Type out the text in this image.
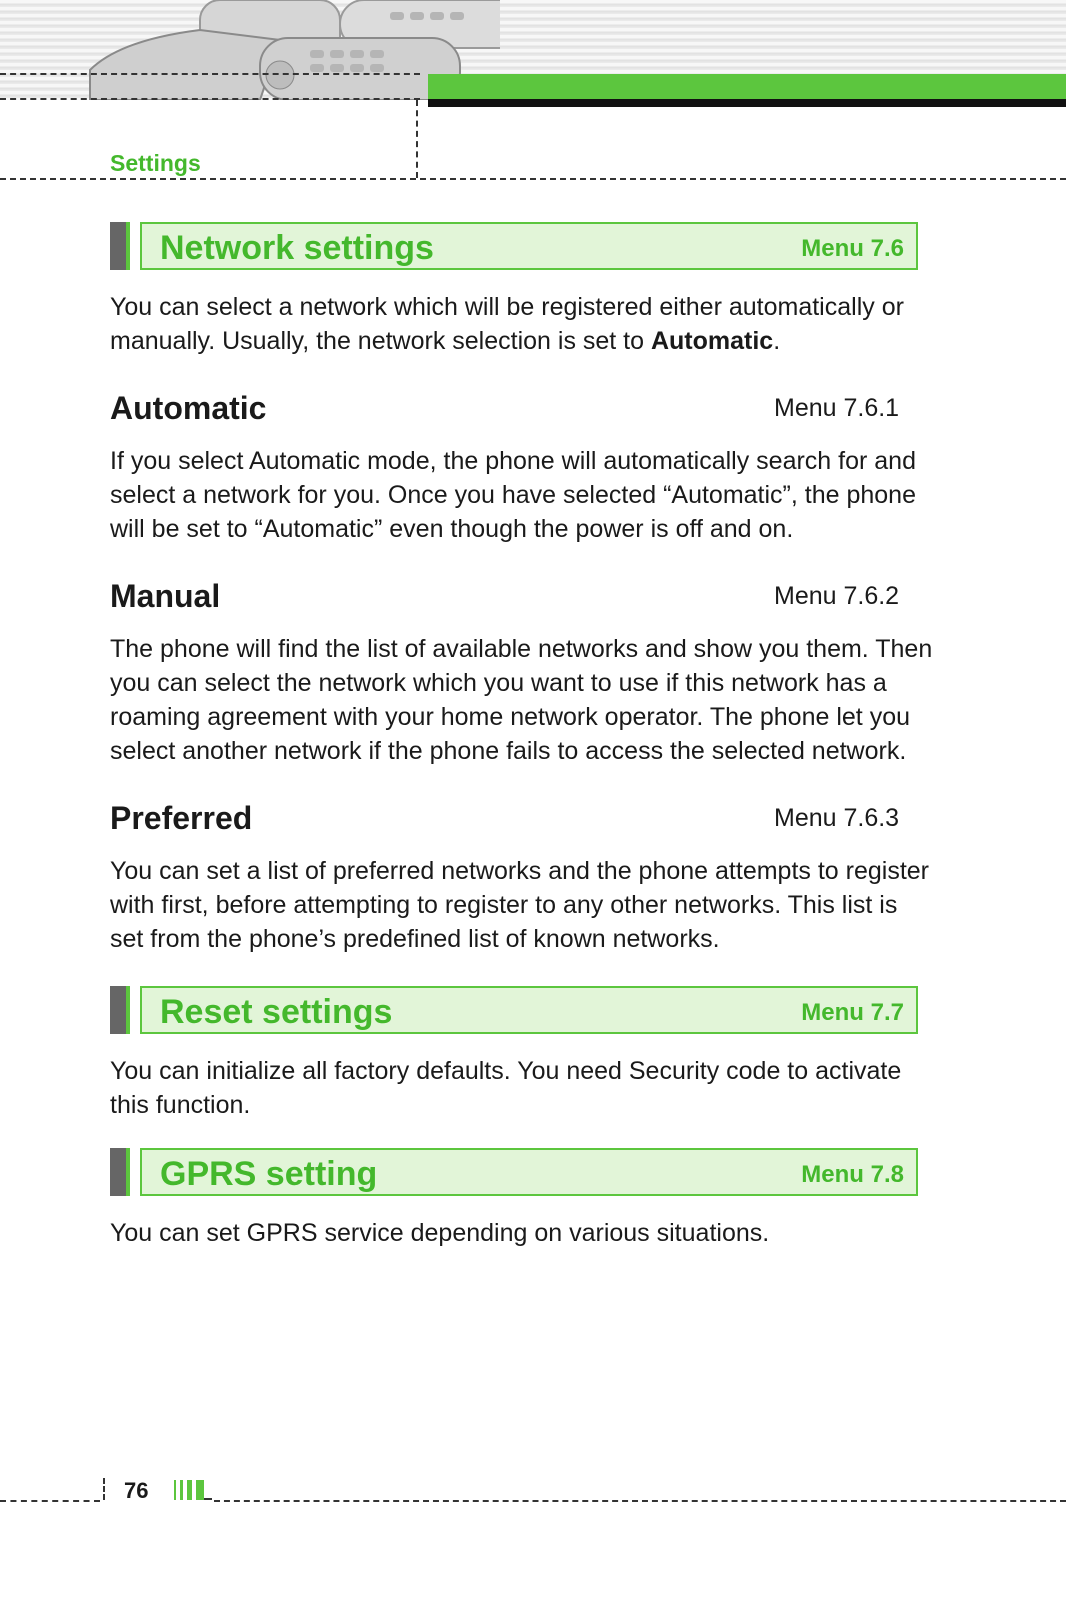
Settings
Network settings	Menu 7.6

You can select a network which will be registered either automatically or manually. Usually, the network selection is set to Automatic.

Automatic	Menu 7.6.1

If you select Automatic mode, the phone will automatically search for and select a network for you. Once you have selected “Automatic”, the phone will be set to “Automatic” even though the power is off and on.

Manual	Menu 7.6.2

The phone will find the list of available networks and show you them. Then you can select the network which you want to use if this network has a roaming agreement with your home network operator. The phone let you select another network if the phone fails to access the selected network.

Preferred	Menu 7.6.3

You can set a list of preferred networks and the phone attempts to register with first, before attempting to register to any other networks. This list is set from the phone’s predefined list of known networks.

Reset settings	Menu 7.7

You can initialize all factory defaults. You need Security code to activate this function.

GPRS setting	Menu 7.8

You can set GPRS service depending on various situations.

76
